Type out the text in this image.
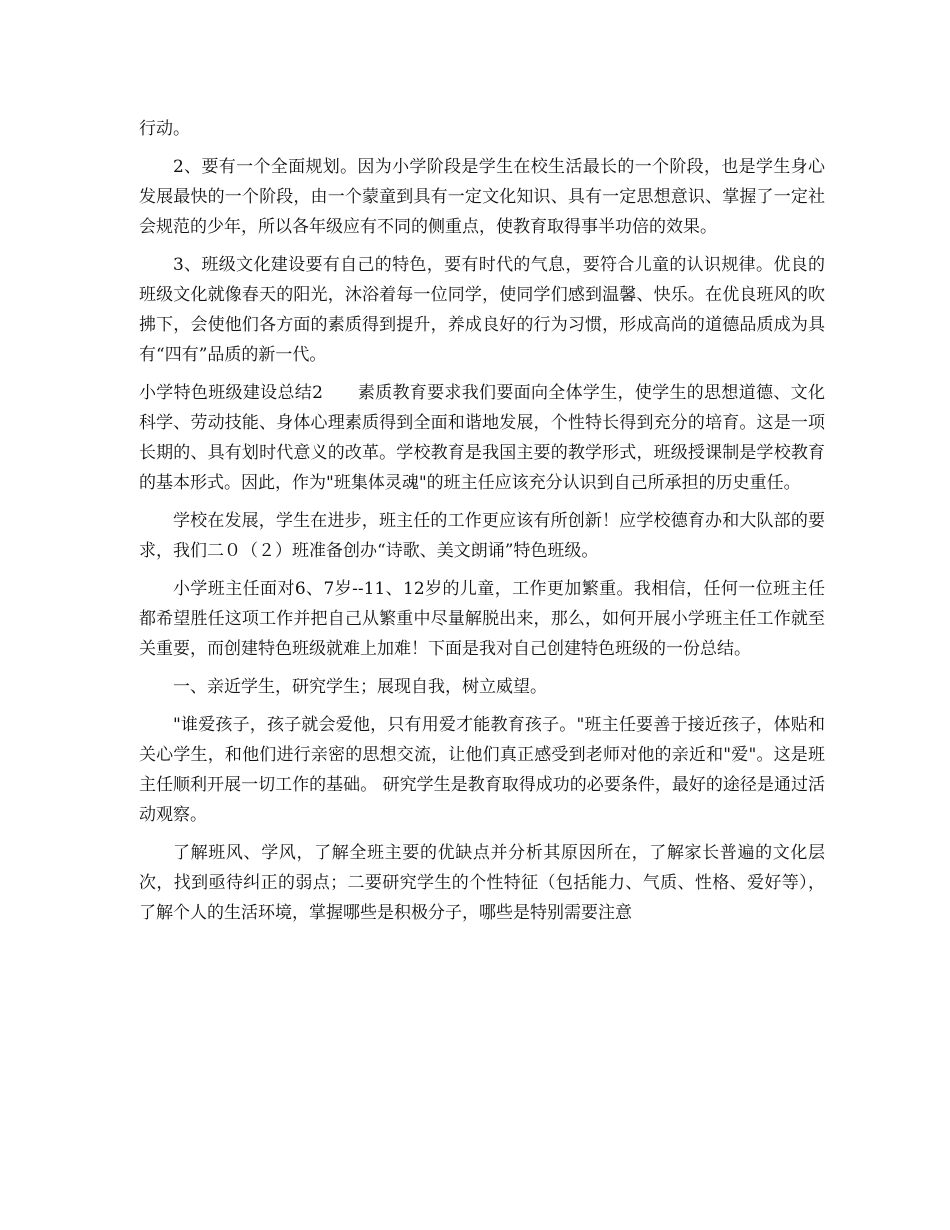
行动。

2、要有一个全面规划。因为小学阶段是学生在校生活最长的一个阶段，也是学生身心发展最快的一个阶段，由一个蒙童到具有一定文化知识、具有一定思想意识、掌握了一定社会规范的少年，所以各年级应有不同的侧重点，使教育取得事半功倍的效果。

3、班级文化建设要有自己的特色，要有时代的气息，要符合儿童的认识规律。优良的班级文化就像春天的阳光，沐浴着每一位同学，使同学们感到温馨、快乐。在优良班风的吹拂下，会使他们各方面的素质得到提升，养成良好的行为习惯，形成高尚的道德品质成为具有“四有”品质的新一代。

小学特色班级建设总结2　　素质教育要求我们要面向全体学生，使学生的思想道德、文化科学、劳动技能、身体心理素质得到全面和谐地发展，个性特长得到充分的培育。这是一项长期的、具有划时代意义的改革。学校教育是我国主要的教学形式，班级授课制是学校教育的基本形式。因此，作为"班集体灵魂"的班主任应该充分认识到自己所承担的历史重任。

学校在发展，学生在进步，班主任的工作更应该有所创新！应学校德育办和大队部的要求，我们二０（２）班准备创办“诗歌、美文朗诵”特色班级。

小学班主任面对6、7岁--11、12岁的儿童，工作更加繁重。我相信，任何一位班主任都希望胜任这项工作并把自己从繁重中尽量解脱出来，那么，如何开展小学班主任工作就至关重要，而创建特色班级就难上加难！下面是我对自己创建特色班级的一份总结。

一、亲近学生，研究学生；展现自我，树立威望。

"谁爱孩子，孩子就会爱他，只有用爱才能教育孩子。"班主任要善于接近孩子，体贴和关心学生，和他们进行亲密的思想交流，让他们真正感受到老师对他的亲近和"爱"。这是班主任顺利开展一切工作的基础。 研究学生是教育取得成功的必要条件，最好的途径是通过活动观察。

了解班风、学风，了解全班主要的优缺点并分析其原因所在，了解家长普遍的文化层次，找到亟待纠正的弱点；二要研究学生的个性特征（包括能力、气质、性格、爱好等），了解个人的生活环境，掌握哪些是积极分子，哪些是特别需要注意
